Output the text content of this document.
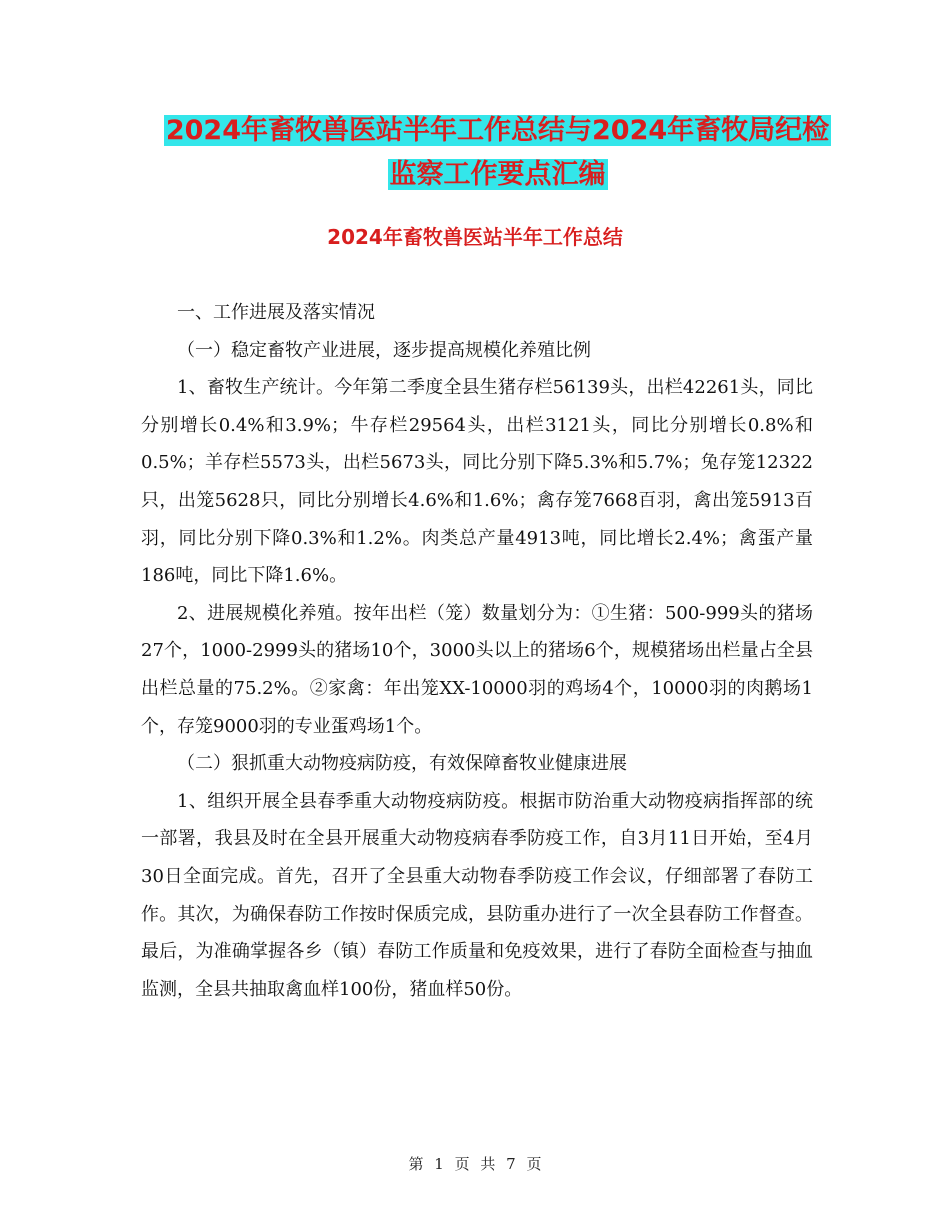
2024年畜牧兽医站半年工作总结与2024年畜牧局纪检
监察工作要点汇编
2024年畜牧兽医站半年工作总结

一、工作进展及落实情况

（一）稳定畜牧产业进展，逐步提高规模化养殖比例

1、畜牧生产统计。今年第二季度全县生猪存栏56139头，出栏42261头，同比分别增长0.4%和3.9%；牛存栏29564头，出栏3121头，同比分别增长0.8%和0.5%；羊存栏5573头，出栏5673头，同比分别下降5.3%和5.7%；兔存笼12322只，出笼5628只，同比分别增长4.6%和1.6%；禽存笼7668百羽，禽出笼5913百羽，同比分别下降0.3%和1.2%。肉类总产量4913吨，同比增长2.4%；禽蛋产量186吨，同比下降1.6%。

2、进展规模化养殖。按年出栏（笼）数量划分为：①生猪：500-999头的猪场27个，1000-2999头的猪场10个，3000头以上的猪场6个，规模猪场出栏量占全县出栏总量的75.2%。②家禽：年出笼XX-10000羽的鸡场4个，10000羽的肉鹅场1个，存笼9000羽的专业蛋鸡场1个。

（二）狠抓重大动物疫病防疫，有效保障畜牧业健康进展

1、组织开展全县春季重大动物疫病防疫。根据市防治重大动物疫病指挥部的统一部署，我县及时在全县开展重大动物疫病春季防疫工作，自3月11日开始，至4月30日全面完成。首先，召开了全县重大动物春季防疫工作会议，仔细部署了春防工作。其次，为确保春防工作按时保质完成，县防重办进行了一次全县春防工作督查。最后，为准确掌握各乡（镇）春防工作质量和免疫效果，进行了春防全面检查与抽血监测，全县共抽取禽血样100份，猪血样50份。

第 1 页 共 7 页
